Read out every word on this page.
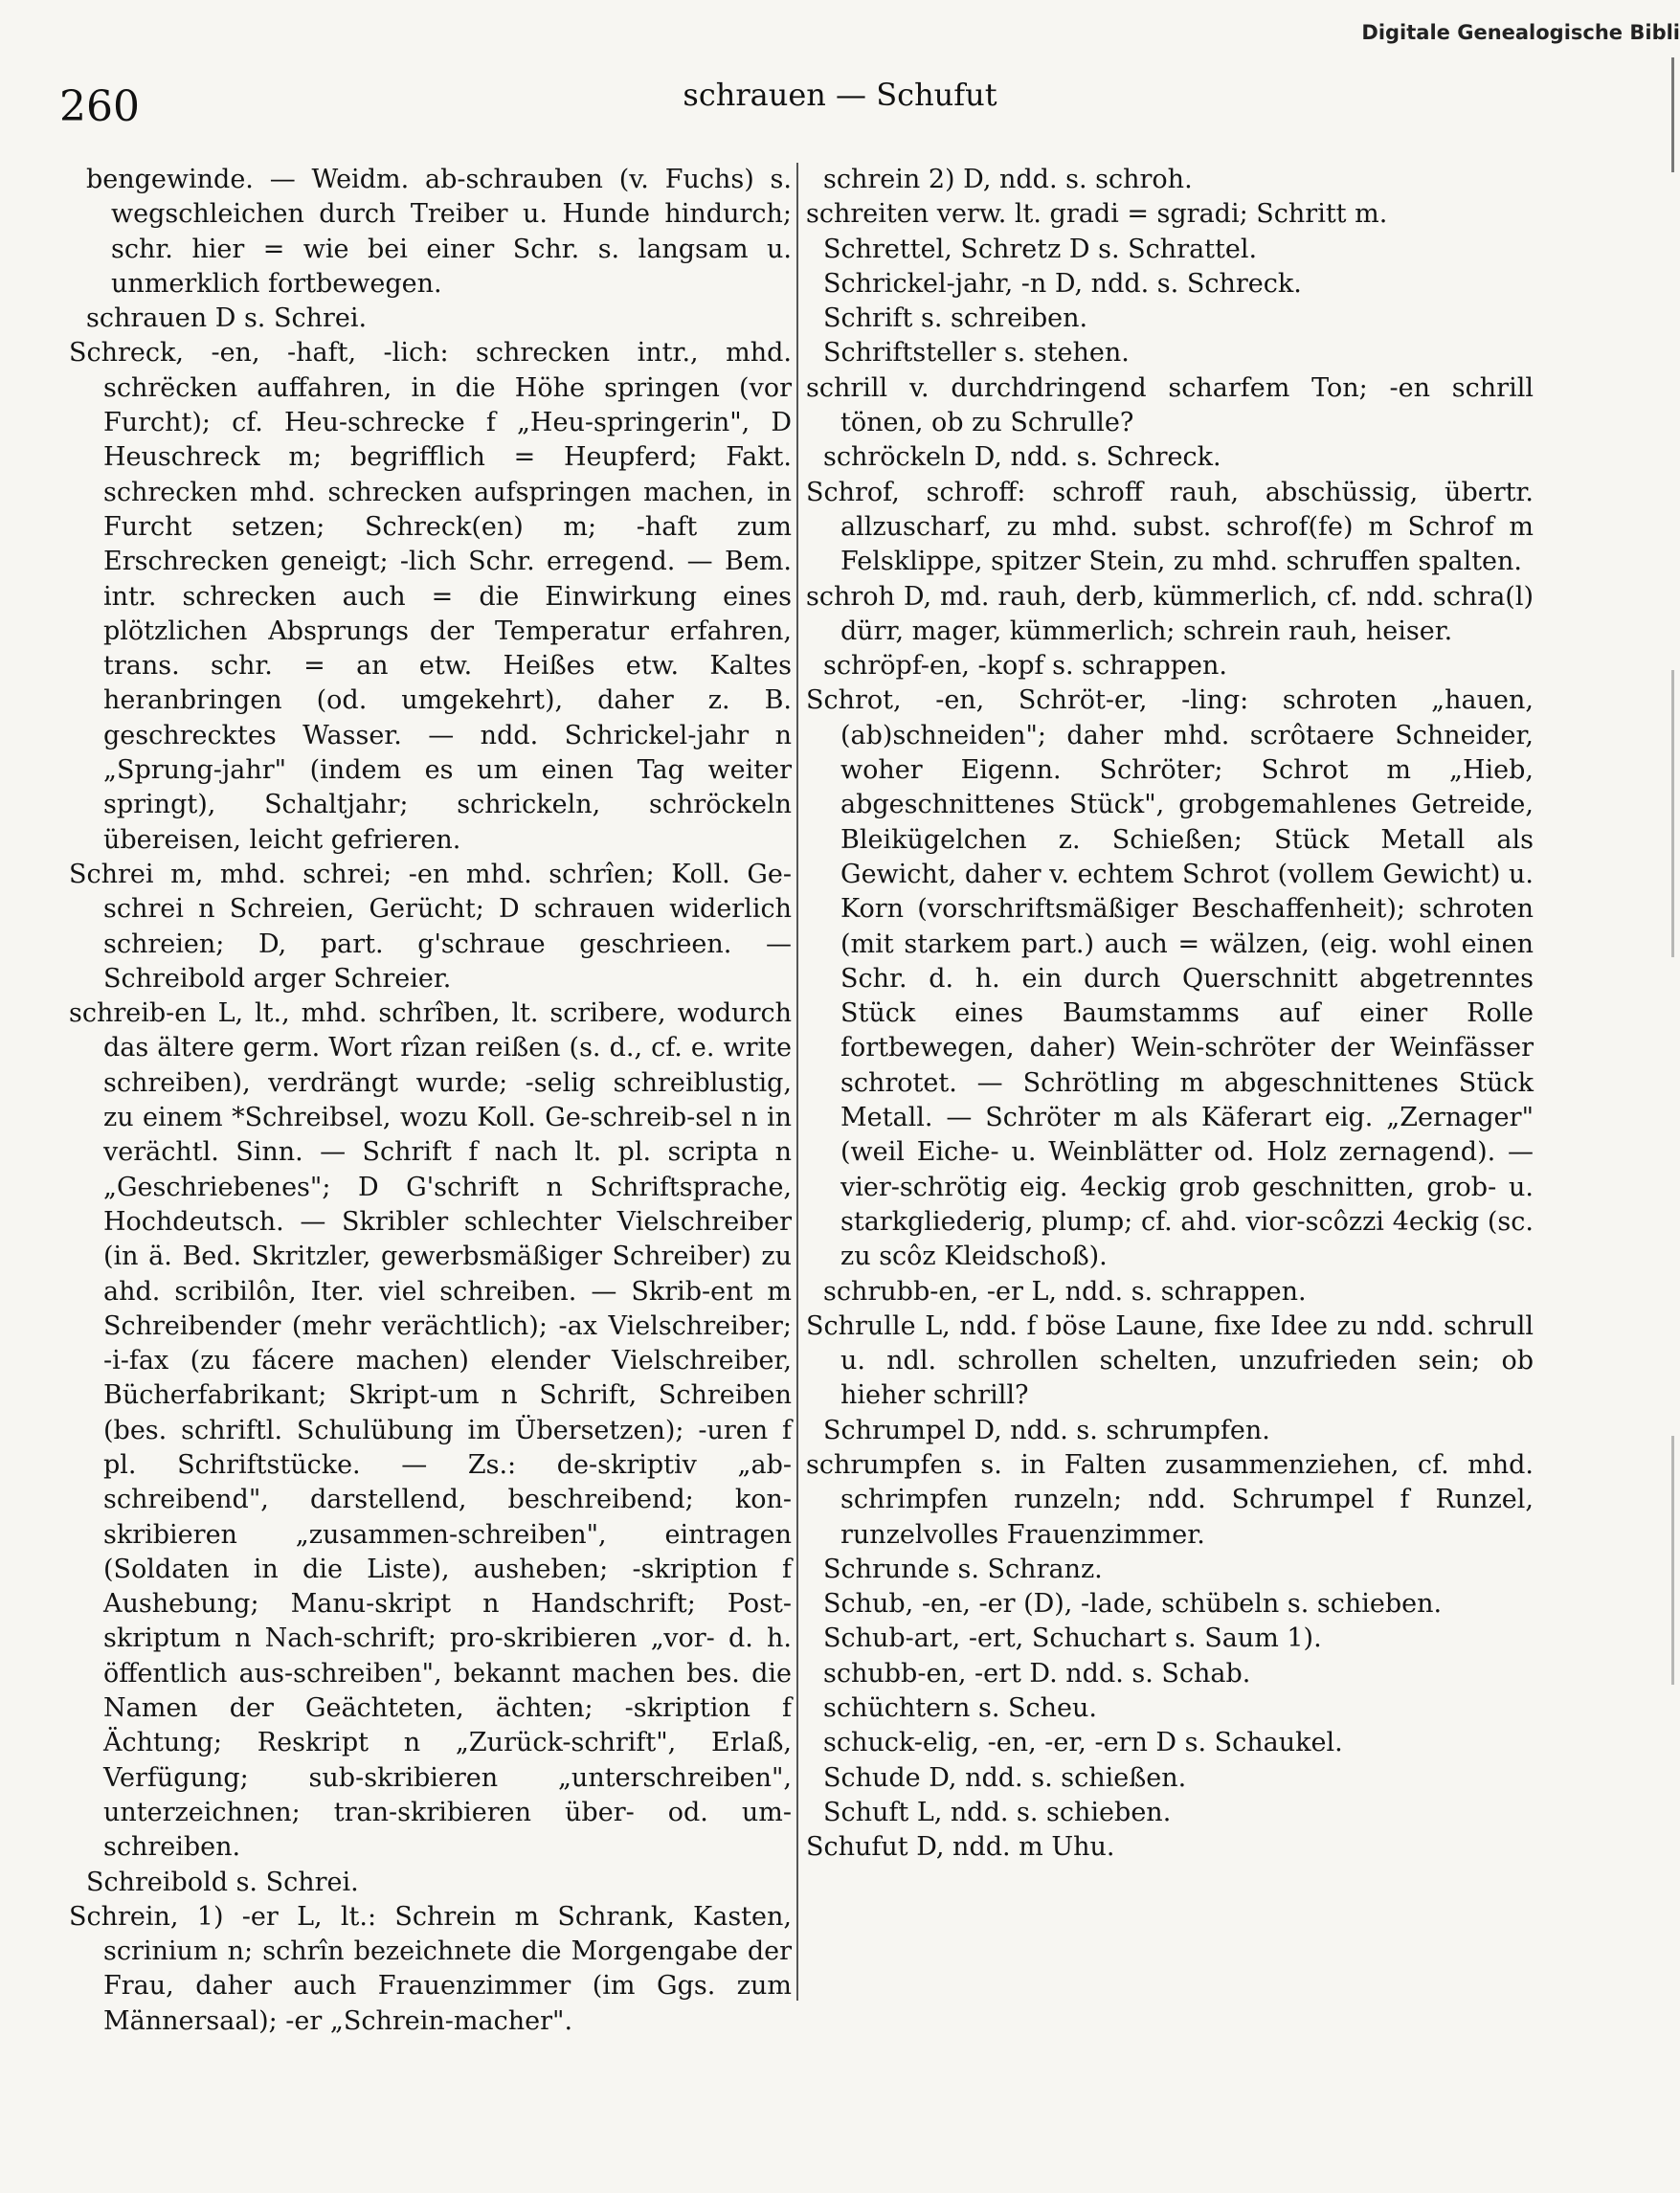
Digitale Genealogische Bibli
260	schrauen — Schufut

bengewinde. — Weidm. ab-schrauben (v. Fuchs) s. wegschleichen durch Treiber u. Hunde hindurch; schr. hier = wie bei einer Schr. s. langsam u. unmerklich fortbewegen.

schrauen D s. Schrei.

Schreck, -en, -haft, -lich: schrecken intr., mhd. schrëcken auffahren, in die Höhe springen (vor Furcht); cf. Heu-schrecke f „Heu-springerin", D Heuschreck m; begrifflich = Heupferd; Fakt. schrecken mhd. schrecken aufspringen machen, in Furcht setzen; Schreck(en) m; -haft zum Erschrecken geneigt; -lich Schr. erregend. — Bem. intr. schrecken auch = die Einwirkung eines plötzlichen Absprungs der Temperatur erfahren, trans. schr. = an etw. Heißes etw. Kaltes heranbringen (od. umgekehrt), daher z. B. geschrecktes Wasser. — ndd. Schrickel-jahr n „Sprung-jahr" (indem es um einen Tag weiter springt), Schaltjahr; schrickeln, schröckeln übereisen, leicht gefrieren.

Schrei m, mhd. schrei; -en mhd. schrîen; Koll. Ge-schrei n Schreien, Gerücht; D schrauen widerlich schreien; D, part. g'schraue geschrieen. — Schreibold arger Schreier.

schreib-en L, lt., mhd. schrîben, lt. scribere, wodurch das ältere germ. Wort rîzan reißen (s. d., cf. e. write schreiben), verdrängt wurde; -selig schreiblustig, zu einem *Schreibsel, wozu Koll. Ge-schreib-sel n in verächtl. Sinn. — Schrift f nach lt. pl. scripta n „Geschriebenes"; D G'schrift n Schriftsprache, Hochdeutsch. — Skribler schlechter Vielschreiber (in ä. Bed. Skritzler, gewerbsmäßiger Schreiber) zu ahd. scribilôn, Iter. viel schreiben. — Skrib-ent m Schreibender (mehr verächtlich); -ax Vielschreiber; -i-fax (zu fácere machen) elender Vielschreiber, Bücherfabrikant; Skript-um n Schrift, Schreiben (bes. schriftl. Schulübung im Übersetzen); -uren f pl. Schriftstücke. — Zs.: de-skriptiv „ab-schreibend", darstellend, beschreibend; kon-skribieren „zusammen-schreiben", eintragen (Soldaten in die Liste), ausheben; -skription f Aushebung; Manu-skript n Handschrift; Post-skriptum n Nach-schrift; pro-skribieren „vor- d. h. öffentlich aus-schreiben", bekannt machen bes. die Namen der Geächteten, ächten; -skription f Ächtung; Reskript n „Zurück-schrift", Erlaß, Verfügung; sub-skribieren „unterschreiben", unterzeichnen; tran-skribieren über- od. um-schreiben.

Schreibold s. Schrei.

Schrein, 1) -er L, lt.: Schrein m Schrank, Kasten, scrinium n; schrîn bezeichnete die Morgengabe der Frau, daher auch Frauenzimmer (im Ggs. zum Männersaal); -er „Schrein-macher".

schrein 2) D, ndd. s. schroh.

schreiten verw. lt. gradi = sgradi; Schritt m.

Schrettel, Schretz D s. Schrattel.

Schrickel-jahr, -n D, ndd. s. Schreck.

Schrift s. schreiben.

Schriftsteller s. stehen.

schrill v. durchdringend scharfem Ton; -en schrill tönen, ob zu Schrulle?

schröckeln D, ndd. s. Schreck.

Schrof, schroff: schroff rauh, abschüssig, übertr. allzuscharf, zu mhd. subst. schrof(fe) m Schrof m Felsklippe, spitzer Stein, zu mhd. schruffen spalten.

schroh D, md. rauh, derb, kümmerlich, cf. ndd. schra(l) dürr, mager, kümmerlich; schrein rauh, heiser.

schröpf-en, -kopf s. schrappen.

Schrot, -en, Schröt-er, -ling: schroten „hauen, (ab)schneiden"; daher mhd. scrôtaere Schneider, woher Eigenn. Schröter; Schrot m „Hieb, abgeschnittenes Stück", grobgemahlenes Getreide, Bleikügelchen z. Schießen; Stück Metall als Gewicht, daher v. echtem Schrot (vollem Gewicht) u. Korn (vorschriftsmäßiger Beschaffenheit); schroten (mit starkem part.) auch = wälzen, (eig. wohl einen Schr. d. h. ein durch Querschnitt abgetrenntes Stück eines Baumstamms auf einer Rolle fortbewegen, daher) Wein-schröter der Weinfässer schrotet. — Schrötling m abgeschnittenes Stück Metall. — Schröter m als Käferart eig. „Zernager" (weil Eiche- u. Weinblätter od. Holz zernagend). — vier-schrötig eig. 4eckig grob geschnitten, grob- u. starkgliederig, plump; cf. ahd. vior-scôzzi 4eckig (sc. zu scôz Kleidschoß).

schrubb-en, -er L, ndd. s. schrappen.

Schrulle L, ndd. f böse Laune, fixe Idee zu ndd. schrull u. ndl. schrollen schelten, unzufrieden sein; ob hieher schrill?

Schrumpel D, ndd. s. schrumpfen.

schrumpfen s. in Falten zusammenziehen, cf. mhd. schrimpfen runzeln; ndd. Schrumpel f Runzel, runzelvolles Frauenzimmer.

Schrunde s. Schranz.

Schub, -en, -er (D), -lade, schübeln s. schieben.

Schub-art, -ert, Schuchart s. Saum 1).

schubb-en, -ert D. ndd. s. Schab.

schüchtern s. Scheu.

schuck-elig, -en, -er, -ern D s. Schaukel.

Schude D, ndd. s. schießen.

Schuft L, ndd. s. schieben.

Schufut D, ndd. m Uhu.
